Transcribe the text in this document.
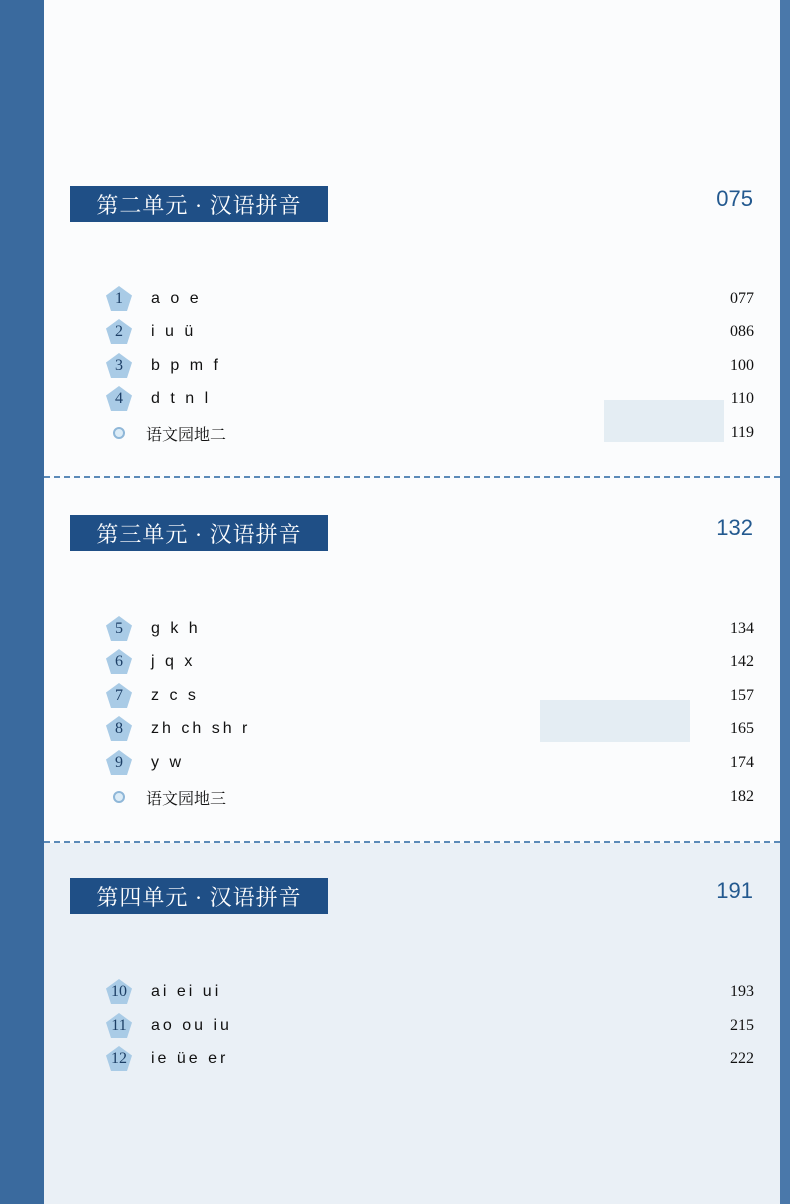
第二单元 · 汉语拼音	075
1 a o e	077
2 i u ü	086
3 b p m f	100
4 d t n l	110
语文园地二	119
第三单元 · 汉语拼音	132
5 g k h	134
6 j q x	142
7 z c s	157
8 zh ch sh r	165
9 y w	174
语文园地三	182
第四单元 · 汉语拼音	191
10 ai ei ui	193
11 ao ou iu	215
12 ie üe er	222
